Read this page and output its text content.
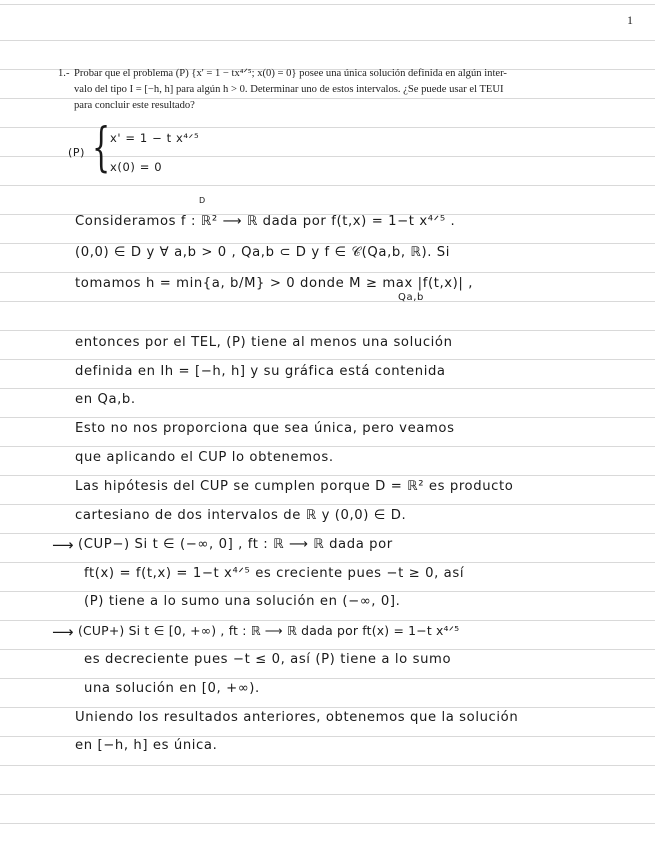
1
1.- Probar que el problema (P) {x' = 1 − tx⁴ᐟ⁵; x(0) = 0} posee una única solución definida en algún inter-
valo del tipo I = [−h, h] para algún h > 0. Determinar uno de estos intervalos. ¿Se puede usar el TEUI
para concluir este resultado?
(P) { x' = 1 − t x⁴ᐟ⁵
x(0) = 0
D
Consideramos f : ℝ² ⟶ ℝ dada por f(t,x) = 1−t x⁴ᐟ⁵ .
(0,0) ∈ D y ∀ a,b > 0 , Qa,b ⊂ D y f ∈ 𝒞(Qa,b, ℝ). Si
tomamos h = min{a, b/M} > 0 donde M ≥ max |f(t,x)| ,
Qa,b
entonces por el TEL, (P) tiene al menos una solución
definida en Ih = [−h, h] y su gráfica está contenida
en Qa,b.
Esto no nos proporciona que sea única, pero veamos
que aplicando el CUP lo obtenemos.
Las hipótesis del CUP se cumplen porque D = ℝ² es producto
cartesiano de dos intervalos de ℝ y (0,0) ∈ D.
⟶ (CUP−) Si t ∈ (−∞, 0] , ft : ℝ ⟶ ℝ dada por
ft(x) = f(t,x) = 1−t x⁴ᐟ⁵ es creciente pues −t ≥ 0, así
(P) tiene a lo sumo una solución en (−∞, 0].
⟶ (CUP+) Si t ∈ [0, +∞) , ft : ℝ ⟶ ℝ dada por ft(x) = 1−t x⁴ᐟ⁵
es decreciente pues −t ≤ 0, así (P) tiene a lo sumo
una solución en [0, +∞).
Uniendo los resultados anteriores, obtenemos que la solución
en [−h, h] es única.
